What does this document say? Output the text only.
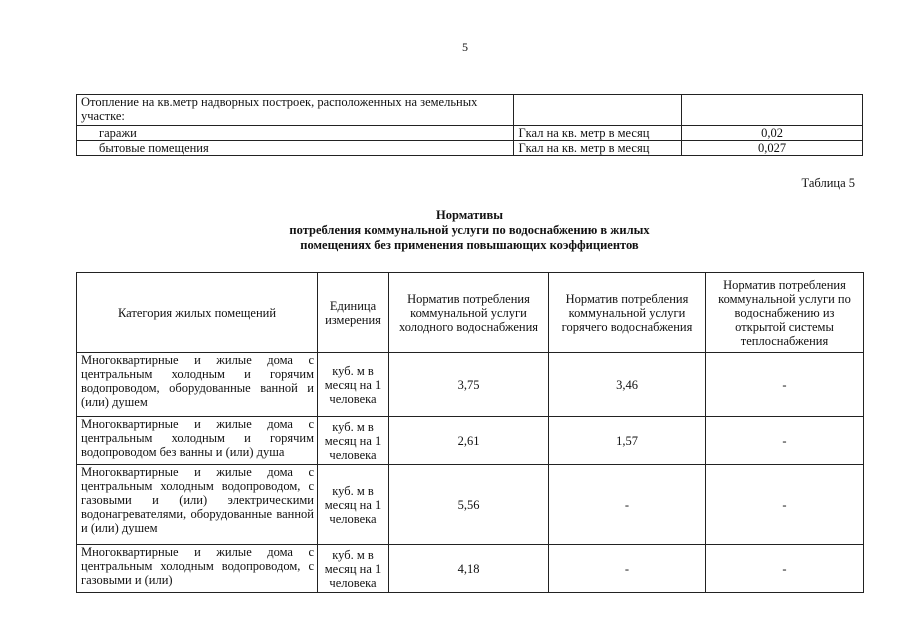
5
Отопление на кв.метр надворных построек, расположенных на земельных участке:		
гаражи	Гкал на кв. метр в месяц	0,02
бытовые помещения	Гкал на кв. метр в месяц	0,027
Таблица 5
Нормативы
потребления коммунальной услуги по водоснабжению в жилых
помещениях без применения повышающих коэффициентов
Категория жилых помещений	Единица измерения	Норматив потребления коммунальной услуги холодного водоснабжения	Норматив потребления коммунальной услуги горячего водоснабжения	Норматив потребления коммунальной услуги по водоснабжению из открытой системы теплоснабжения
Многоквартирные и жилые дома с центральным холодным и горячим водопроводом, оборудованные ванной и (или) душем	куб. м в месяц на 1 человека	3,75	3,46	-
Многоквартирные и жилые дома с центральным холодным и горячим водопроводом без ванны и (или) душа	куб. м в месяц на 1 человека	2,61	1,57	-
Многоквартирные и жилые дома с центральным холодным водопроводом, с газовыми и (или) электрическими водонагревателями, оборудованные ванной и (или) душем	куб. м в месяц на 1 человека	5,56	-	-
Многоквартирные и жилые дома с центральным холодным водопроводом, с газовыми и (или)	куб. м в месяц на 1 человека	4,18	-	-
